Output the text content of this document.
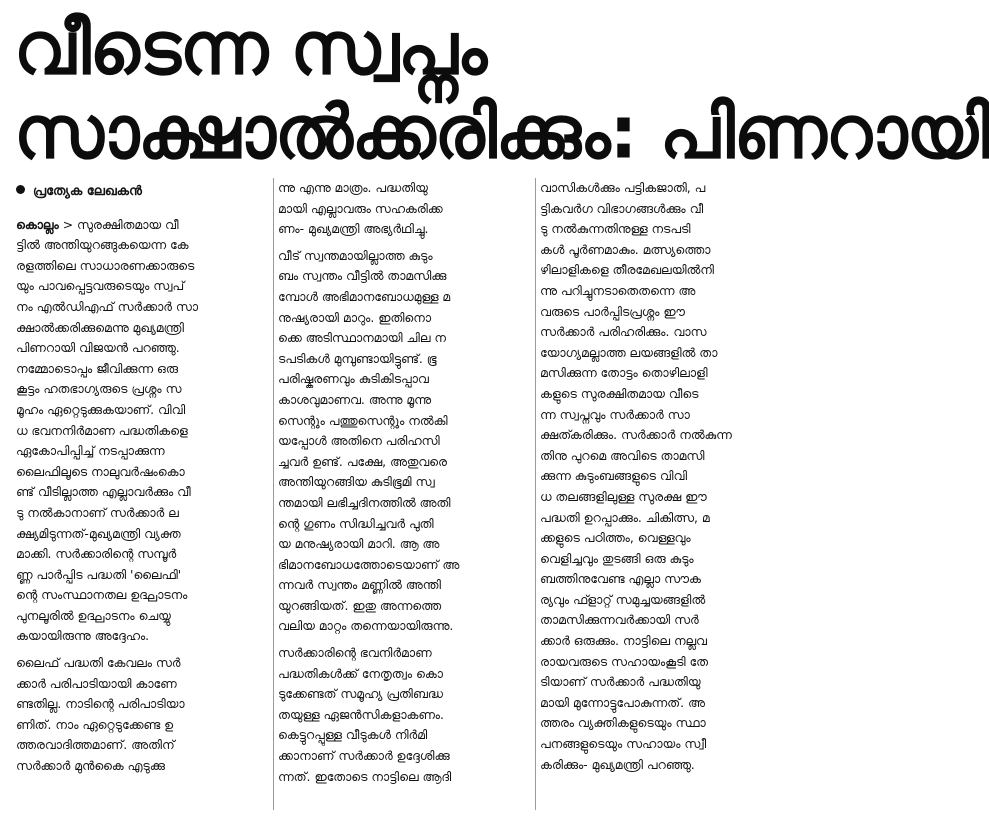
വീടെന്ന സ്വപ്നം
സാക്ഷാൽക്കരിക്കും: പിണറായി
പ്രത്യേക ലേഖകൻ
കൊല്ലം > സുരക്ഷിതമായ വീ
ട്ടിൽ അന്തിയുറങ്ങുകയെന്ന കേ
രളത്തിലെ സാധാരണക്കാരുടെ
യും പാവപ്പെട്ടവരുടെയും സ്വപ്
നം എൽഡിഎഫ് സർക്കാർ സാ
ക്ഷാൽക്കരിക്കുമെന്നു മുഖ്യമന്ത്രി
പിണറായി വിജയൻ പറഞ്ഞു.
നമ്മോടൊപ്പം ജീവിക്കുന്ന ഒരു
കൂട്ടം ഹതഭാഗ്യരുടെ പ്രശ്നം സ
മൂഹം ഏറ്റെടുക്കുകയാണ്. വിവി
ധ ഭവനനിർമാണ പദ്ധതികളെ
ഏകോപിപ്പിച്ച് നടപ്പാക്കുന്ന
ലൈഫിലൂടെ നാലുവർഷംകൊ
ണ്ട് വീടില്ലാത്ത എല്ലാവർക്കും വീ
ടു നൽകാനാണ് സർക്കാർ ല
ക്ഷ്യമിടുന്നത്-മുഖ്യമന്ത്രി വ്യക്ത
മാക്കി. സർക്കാരിന്റെ സമ്പൂർ
ണ്ണ പാർപ്പിട പദ്ധതി 'ലൈഫി'
ന്റെ സംസ്ഥാനതല ഉദ്ഘാടനം
പുനലൂരിൽ ഉദ്ഘാടനം ചെയ്യു
കയായിരുന്നു അദ്ദേഹം.
ലൈഫ് പദ്ധതി കേവലം സർ
ക്കാർ പരിപാടിയായി കാണേ
ണ്ടതില്ല. നാടിന്റെ പരിപാടിയാ
ണിത്. നാം ഏറ്റെടുക്കേണ്ട ഉ
ത്തരവാദിത്തമാണ്. അതിന്
സർക്കാർ മുൻകൈ എടുക്കു
ന്നു എന്നു മാത്രം. പദ്ധതിയു
മായി എല്ലാവരും സഹകരിക്ക
ണം- മുഖ്യമന്ത്രി അഭ്യർഥിച്ചു.
വീട് സ്വന്തമായില്ലാത്ത കുടും
ബം സ്വന്തം വീട്ടിൽ താമസിക്കു
മ്പോൾ അഭിമാനബോധമുള്ള മ
നുഷ്യരായി മാറും. ഇതിനൊ
ക്കെ അടിസ്ഥാനമായി ചില ന
ടപടികൾ മുമ്പുണ്ടായിട്ടുണ്ട്. ഭൂ
പരിഷ്കരണവും കുടികിടപ്പാവ
കാശവുമാണവ. അന്നു മൂന്നു
സെന്റും പത്തുസെന്റും നൽകി
യപ്പോൾ അതിനെ പരിഹസി
ച്ചവർ ഉണ്ട്. പക്ഷേ, അതുവരെ
അന്തിയുറങ്ങിയ കുടിഭൂമി സ്വ
ന്തമായി ലഭിച്ചദിനത്തിൽ അതി
ന്റെ ഗുണം സിദ്ധിച്ചവർ പുതി
യ മനുഷ്യരായി മാറി. ആ അ
ഭിമാനബോധത്തോടെയാണ് അ
ന്നവർ സ്വന്തം മണ്ണിൽ അന്തി
യുറങ്ങിയത്. ഇതു അന്നത്തെ
വലിയ മാറ്റം തന്നെയായിരുന്നു.
സർക്കാരിന്റെ ഭവനിർമാണ
പദ്ധതികൾക്ക് നേതൃത്വം കൊ
ടുക്കേണ്ടത് സമൂഹ്യ പ്രതിബദ്ധ
തയുള്ള ഏജൻസികളാകണം.
കെട്ടുറപ്പുള്ള വീടുകൾ നിർമി
ക്കാനാണ് സർക്കാർ ഉദ്ദേശിക്കു
ന്നത്. ഇതോടെ നാട്ടിലെ ആദി
വാസികൾക്കും പട്ടികജാതി, പ
ട്ടികവർഗ വിഭാഗങ്ങൾക്കും വീ
ടു നൽകുന്നതിനുള്ള നടപടി
കൾ പൂർണമാകും. മത്സ്യത്തൊ
ഴിലാളികളെ തീരമേഖലയിൽനി
ന്നു പറിച്ചുനടാതെതന്നെ അ
വരുടെ പാർപ്പിടപ്രശ്നം ഈ
സർക്കാർ പരിഹരിക്കും. വാസ
യോഗ്യമല്ലാത്ത ലയങ്ങളിൽ താ
മസിക്കുന്ന തോട്ടം തൊഴിലാളി
കളുടെ സുരക്ഷിതമായ വീടെ
ന്ന സ്വപ്നവും സർക്കാർ സാ
ക്ഷത്കരിക്കും. സർക്കാർ നൽകുന്ന
തിനു പുറമെ അവിടെ താമസി
ക്കുന്ന കുടുംബങ്ങളുടെ വിവി
ധ തലങ്ങളിലുള്ള സുരക്ഷ ഈ
പദ്ധതി ഉറപ്പാക്കും. ചികിത്സ, മ
ക്കളുടെ പഠിത്തം, വെള്ളവും
വെളിച്ചവും തുടങ്ങി ഒരു കുടും
ബത്തിനുവേണ്ട എല്ലാ സൗക
ര്യവും ഫ്ളാറ്റ് സമുച്ചയങ്ങളിൽ
താമസിക്കുന്നവർക്കായി സർ
ക്കാർ ഒരുക്കും. നാട്ടിലെ നല്ലവ
രായവരുടെ സഹായംകൂടി തേ
ടിയാണ് സർക്കാർ പദ്ധതിയു
മായി മുന്നോട്ടുപോകുന്നത്. അ
ത്തരം വ്യക്തികളുടെയും സ്ഥാ
പനങ്ങളുടെയും സഹായം സ്വീ
കരിക്കും- മുഖ്യമന്ത്രി പറഞ്ഞു.
